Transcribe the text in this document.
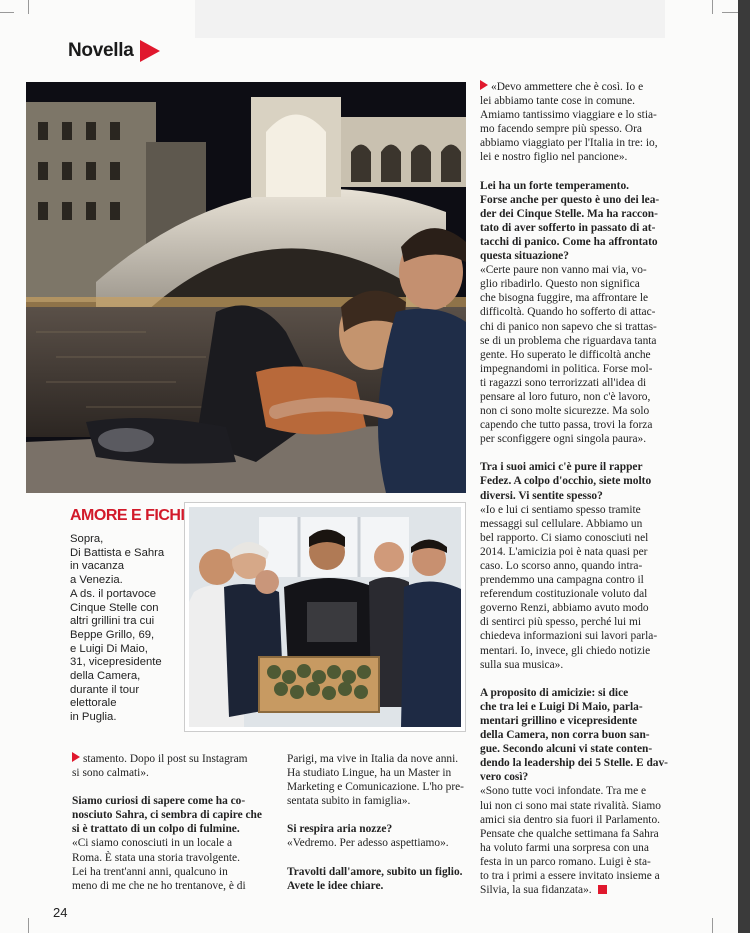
Novella
AMORE E FICHI
Sopra,
Di Battista e Sahra
in vacanza
a Venezia.
A ds. il portavoce
Cinque Stelle con
altri grillini tra cui
Beppe Grillo, 69,
e Luigi Di Maio,
31, vicepresidente
della Camera,
durante il tour
elettorale
in Puglia.

«Devo ammettere che è così. Io e
lei abbiamo tante cose in comune.
Amiamo tantissimo viaggiare e lo stia-
mo facendo sempre più spesso. Ora
abbiamo viaggiato per l'Italia in tre: io,
lei e nostro figlio nel pancione».

Lei ha un forte temperamento.
Forse anche per questo è uno dei lea-
der dei Cinque Stelle. Ma ha raccon-
tato di aver sofferto in passato di at-
tacchi di panico. Come ha affrontato
questa situazione?

«Certe paure non vanno mai via, vo-
glio ribadirlo. Questo non significa
che bisogna fuggire, ma affrontare le
difficoltà. Quando ho sofferto di attac-
chi di panico non sapevo che si trattas-
se di un problema che riguardava tanta
gente. Ho superato le difficoltà anche
impegnandomi in politica. Forse mol-
ti ragazzi sono terrorizzati all'idea di
pensare al loro futuro, non c'è lavoro,
non ci sono molte sicurezze. Ma solo
capendo che tutto passa, trovi la forza
per sconfiggere ogni singola paura».

Tra i suoi amici c'è pure il rapper
Fedez. A colpo d'occhio, siete molto
diversi. Vi sentite spesso?

«Io e lui ci sentiamo spesso tramite
messaggi sul cellulare. Abbiamo un
bel rapporto. Ci siamo conosciuti nel
2014. L'amicizia poi è nata quasi per
caso. Lo scorso anno, quando intra-
prendemmo una campagna contro il
referendum costituzionale voluto dal
governo Renzi, abbiamo avuto modo
di sentirci più spesso, perché lui mi
chiedeva informazioni sui lavori parla-
mentari. Io, invece, gli chiedo notizie
sulla sua musica».

A proposito di amicizie: si dice
che tra lei e Luigi Di Maio, parla-
mentari grillino e vicepresidente
della Camera, non corra buon san-
gue. Secondo alcuni vi state conten-
dendo la leadership dei 5 Stelle. E dav-
vero così?

«Sono tutte voci infondate. Tra me e
lui non ci sono mai state rivalità. Siamo
amici sia dentro sia fuori il Parlamento.
Pensate che qualche settimana fa Sahra
ha voluto farmi una sorpresa con una
festa in un parco romano. Luigi è sta-
to tra i primi a essere invitato insieme a
Silvia, la sua fidanzata».

stamento. Dopo il post su Instagram
si sono calmati».

Siamo curiosi di sapere come ha co-
nosciuto Sahra, ci sembra di capire che
si è trattato di un colpo di fulmine.

«Ci siamo conosciuti in un locale a
Roma. È stata una storia travolgente.
Lei ha trent'anni anni, qualcuno in
meno di me che ne ho trentanove, è di

Parigi, ma vive in Italia da nove anni.
Ha studiato Lingue, ha un Master in
Marketing e Comunicazione. L'ho pre-
sentata subito in famiglia».

Si respira aria nozze?

«Vedremo. Per adesso aspettiamo».

Travolti dall'amore, subito un figlio.
Avete le idee chiare.

24
